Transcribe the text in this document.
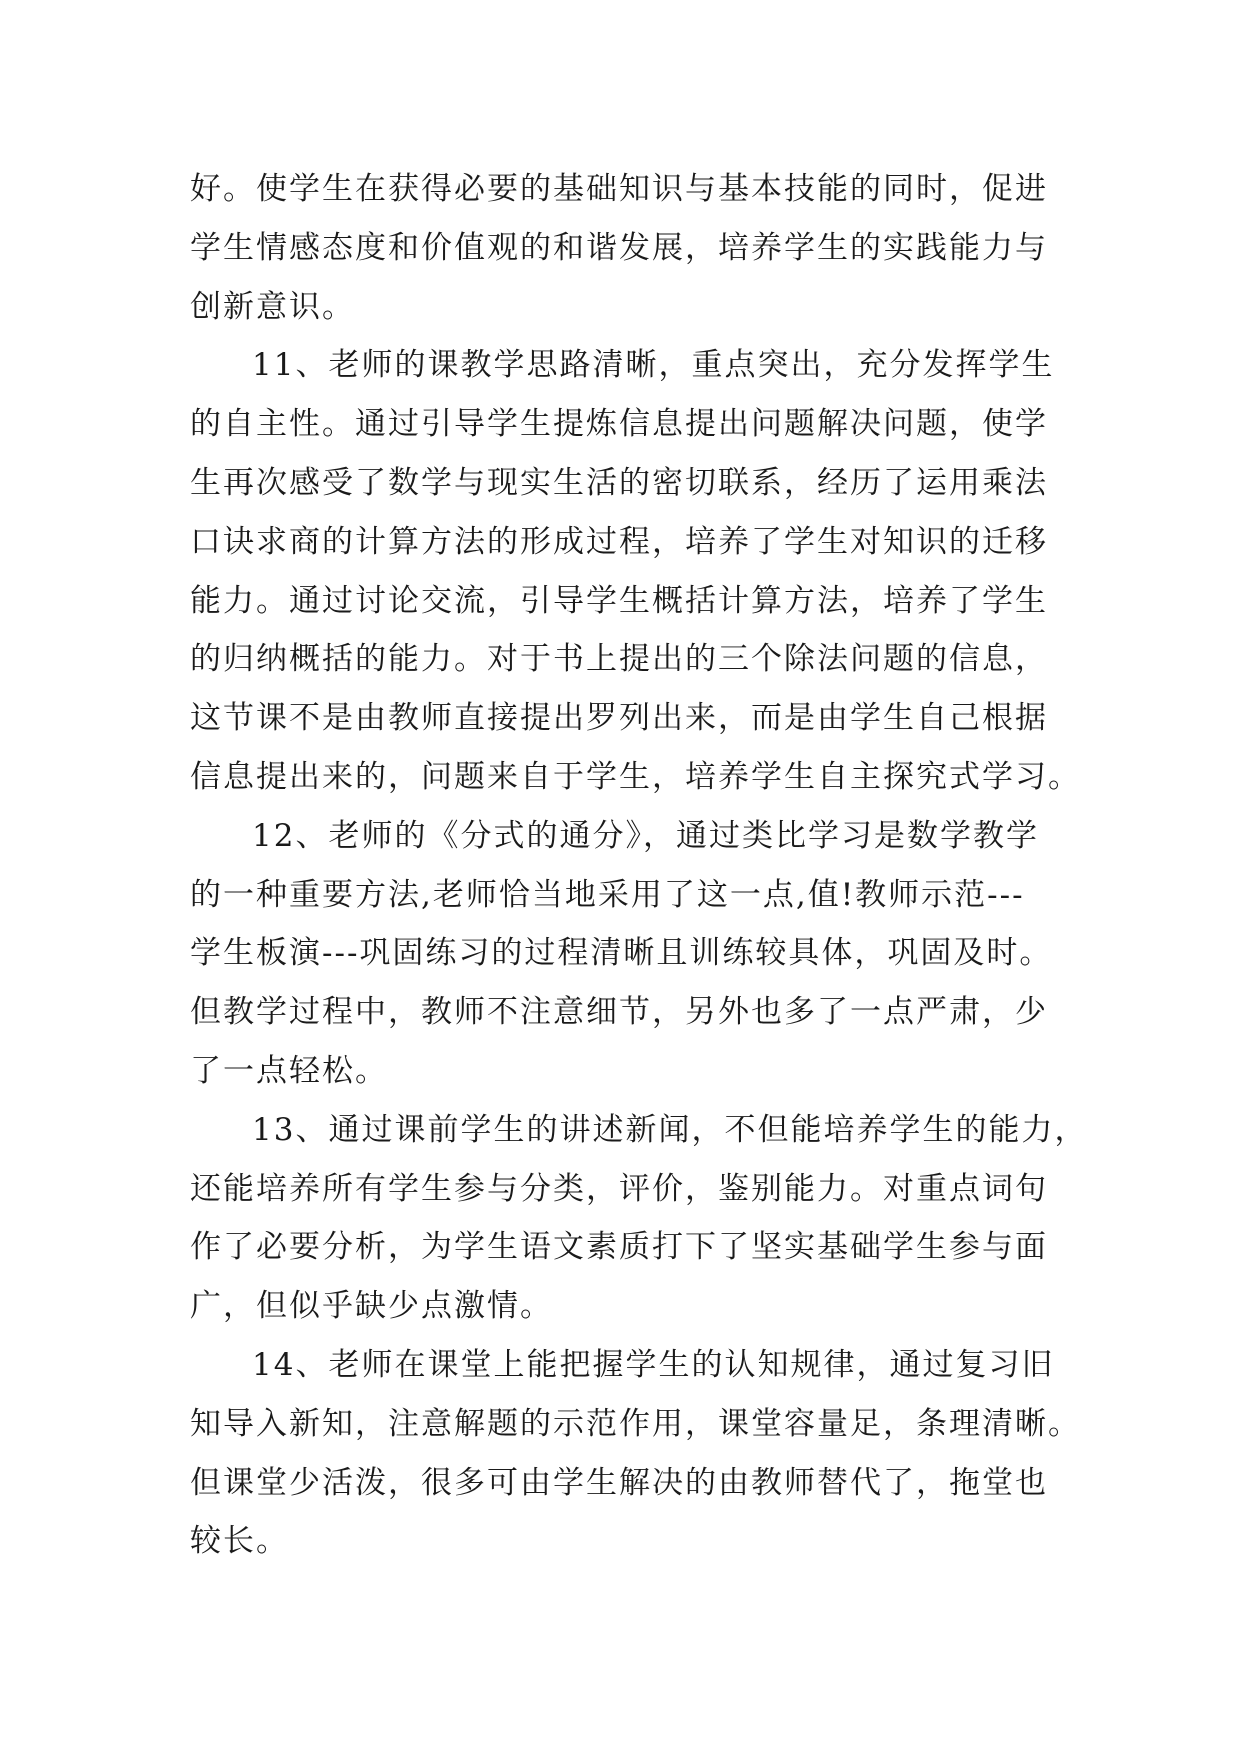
好。使学生在获得必要的基础知识与基本技能的同时，促进
学生情感态度和价值观的和谐发展，培养学生的实践能力与
创新意识。
11、老师的课教学思路清晰，重点突出，充分发挥学生
的自主性。通过引导学生提炼信息提出问题解决问题，使学
生再次感受了数学与现实生活的密切联系，经历了运用乘法
口诀求商的计算方法的形成过程，培养了学生对知识的迁移
能力。通过讨论交流，引导学生概括计算方法，培养了学生
的归纳概括的能力。对于书上提出的三个除法问题的信息，
这节课不是由教师直接提出罗列出来，而是由学生自己根据
信息提出来的，问题来自于学生，培养学生自主探究式学习。
12、老师的《分式的通分》，通过类比学习是数学教学
的一种重要方法,老师恰当地采用了这一点,值!教师示范---
学生板演---巩固练习的过程清晰且训练较具体，巩固及时。
但教学过程中，教师不注意细节，另外也多了一点严肃，少
了一点轻松。
13、通过课前学生的讲述新闻，不但能培养学生的能力，
还能培养所有学生参与分类，评价，鉴别能力。对重点词句
作了必要分析，为学生语文素质打下了坚实基础学生参与面
广，但似乎缺少点激情。
14、老师在课堂上能把握学生的认知规律，通过复习旧
知导入新知，注意解题的示范作用，课堂容量足，条理清晰。
但课堂少活泼，很多可由学生解决的由教师替代了，拖堂也
较长。
